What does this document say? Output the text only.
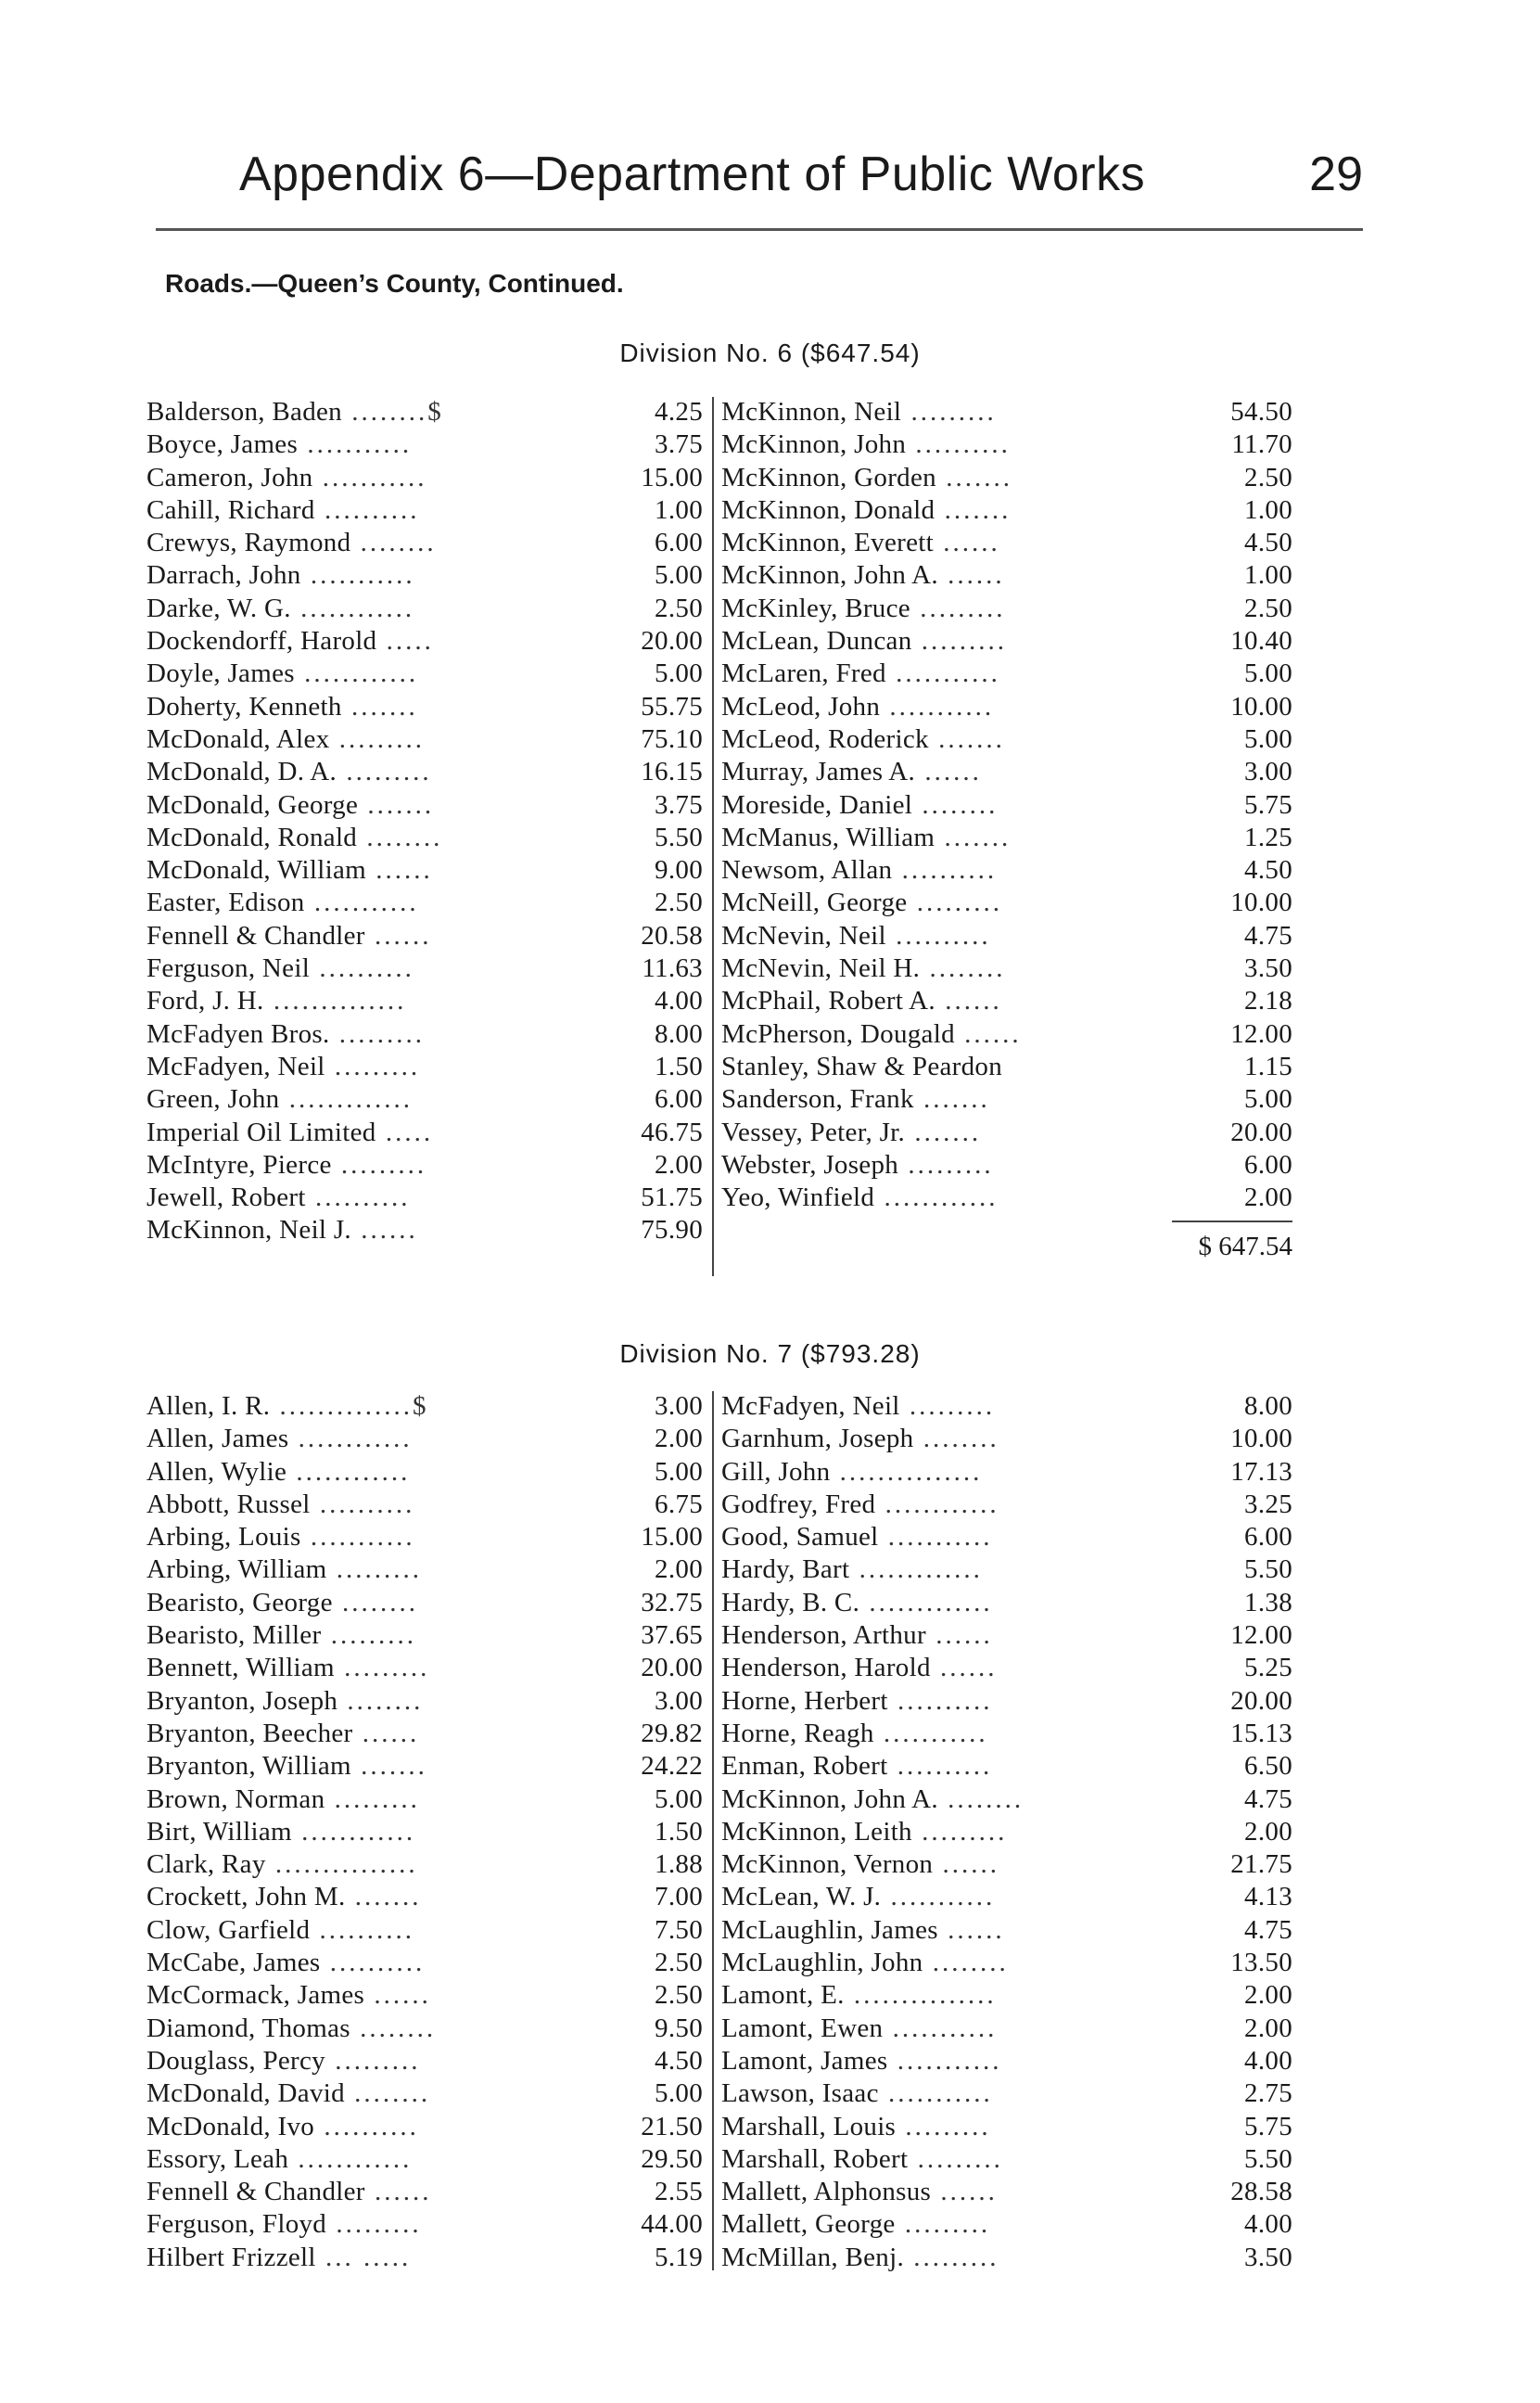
Appendix 6—Department of Public Works	29
Roads.—Queen’s County, Continued.
Division No. 6 ($647.54)
Balderson, Baden ........$	4.25
Boyce, James ...........	3.75
Cameron, John ...........	15.00
Cahill, Richard ..........	1.00
Crewys, Raymond ........	6.00
Darrach, John ...........	5.00
Darke, W. G. ............	2.50
Dockendorff, Harold .....	20.00
Doyle, James ............	5.00
Doherty, Kenneth .......	55.75
McDonald, Alex .........	75.10
McDonald, D. A. .........	16.15
McDonald, George .......	3.75
McDonald, Ronald ........	5.50
McDonald, William ......	9.00
Easter, Edison ...........	2.50
Fennell & Chandler ......	20.58
Ferguson, Neil ..........	11.63
Ford, J. H. ..............	4.00
McFadyen Bros. .........	8.00
McFadyen, Neil .........	1.50
Green, John .............	6.00
Imperial Oil Limited .....	46.75
McIntyre, Pierce .........	2.00
Jewell, Robert ..........	51.75
McKinnon, Neil J. ......	75.90
McKinnon, Neil .........	54.50
McKinnon, John ..........	11.70
McKinnon, Gorden .......	2.50
McKinnon, Donald .......	1.00
McKinnon, Everett ......	4.50
McKinnon, John A. ......	1.00
McKinley, Bruce .........	2.50
McLean, Duncan .........	10.40
McLaren, Fred ...........	5.00
McLeod, John ...........	10.00
McLeod, Roderick .......	5.00
Murray, James A. ......	3.00
Moreside, Daniel ........	5.75
McManus, William .......	1.25
Newsom, Allan ..........	4.50
McNeill, George .........	10.00
McNevin, Neil ..........	4.75
McNevin, Neil H. ........	3.50
McPhail, Robert A. ......	2.18
McPherson, Dougald ......	12.00
Stanley, Shaw & Peardon	1.15
Sanderson, Frank .......	5.00
Vessey, Peter, Jr. .......	20.00
Webster, Joseph .........	6.00
Yeo, Winfield ............	2.00
$ 647.54
Division No. 7 ($793.28)
Allen, I. R. ..............$	3.00
Allen, James ............	2.00
Allen, Wylie ............	5.00
Abbott, Russel ..........	6.75
Arbing, Louis ...........	15.00
Arbing, William .........	2.00
Bearisto, George ........	32.75
Bearisto, Miller .........	37.65
Bennett, William .........	20.00
Bryanton, Joseph ........	3.00
Bryanton, Beecher ......	29.82
Bryanton, William .......	24.22
Brown, Norman .........	5.00
Birt, William ............	1.50
Clark, Ray ...............	1.88
Crockett, John M. .......	7.00
Clow, Garfield ..........	7.50
McCabe, James ..........	2.50
McCormack, James ......	2.50
Diamond, Thomas ........	9.50
Douglass, Percy .........	4.50
McDonald, David ........	5.00
McDonald, Ivo ..........	21.50
Essory, Leah ............	29.50
Fennell & Chandler ......	2.55
Ferguson, Floyd .........	44.00
Hilbert Frizzell ... .....	5.19
McFadyen, Neil .........	8.00
Garnhum, Joseph ........	10.00
Gill, John ...............	17.13
Godfrey, Fred ............	3.25
Good, Samuel ...........	6.00
Hardy, Bart .............	5.50
Hardy, B. C. .............	1.38
Henderson, Arthur ......	12.00
Henderson, Harold ......	5.25
Horne, Herbert ..........	20.00
Horne, Reagh ...........	15.13
Enman, Robert ..........	6.50
McKinnon, John A. ........	4.75
McKinnon, Leith .........	2.00
McKinnon, Vernon ......	21.75
McLean, W. J. ...........	4.13
McLaughlin, James ......	4.75
McLaughlin, John ........	13.50
Lamont, E. ...............	2.00
Lamont, Ewen ...........	2.00
Lamont, James ...........	4.00
Lawson, Isaac ...........	2.75
Marshall, Louis .........	5.75
Marshall, Robert .........	5.50
Mallett, Alphonsus ......	28.58
Mallett, George .........	4.00
McMillan, Benj. .........	3.50
